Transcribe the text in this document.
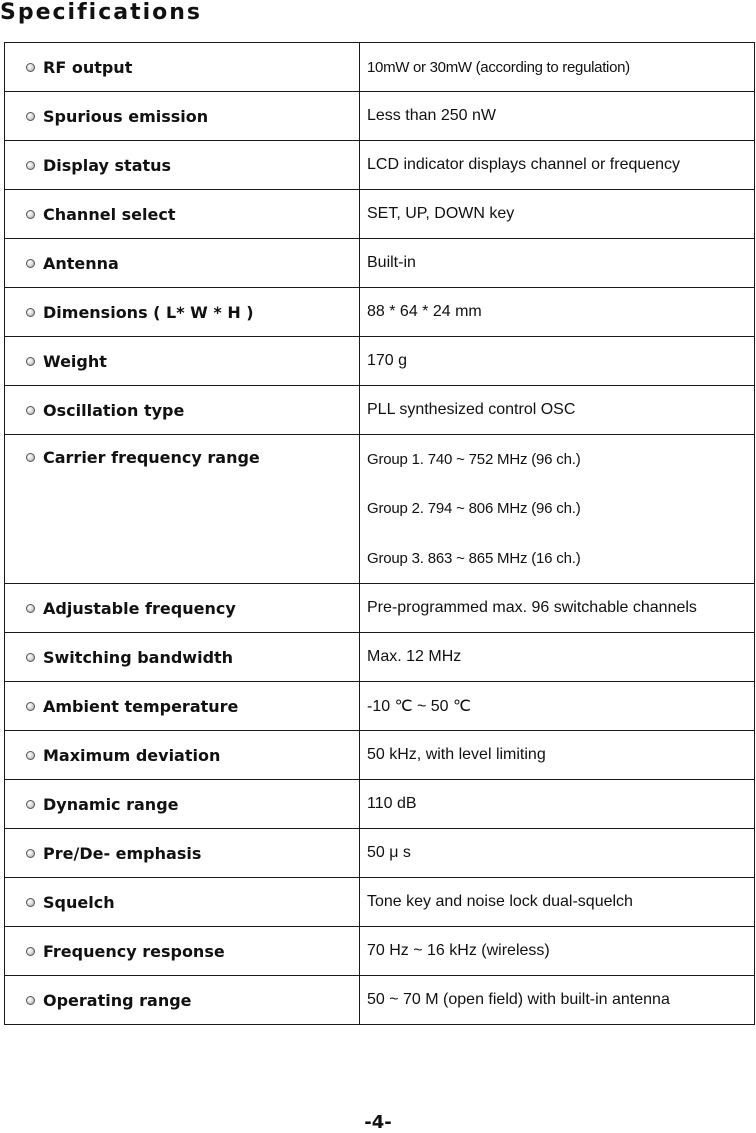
Specifications
RF output	10mW or 30mW (according to regulation)

Spurious emission	Less than 250 nW

Display status	LCD indicator displays channel or frequency

Channel select	SET, UP, DOWN key

Antenna	Built-in

Dimensions ( L* W * H )	88 * 64 * 24 mm

Weight	170 g

Oscillation type	PLL synthesized control OSC

Carrier frequency range	Group 1. 740 ~ 752 MHz (96 ch.)
Group 2. 794 ~ 806 MHz (96 ch.)
Group 3. 863 ~ 865 MHz (16 ch.)

Adjustable frequency	Pre-programmed max. 96 switchable channels

Switching bandwidth	Max. 12 MHz

Ambient temperature	-10 ℃ ~ 50 ℃

Maximum deviation	50 kHz, with level limiting

Dynamic range	110 dB

Pre/De- emphasis	50 μ s

Squelch	Tone key and noise lock dual-squelch

Frequency response	70 Hz ~ 16 kHz (wireless)

Operating range	50 ~ 70 M (open field) with built-in antenna
-4-
